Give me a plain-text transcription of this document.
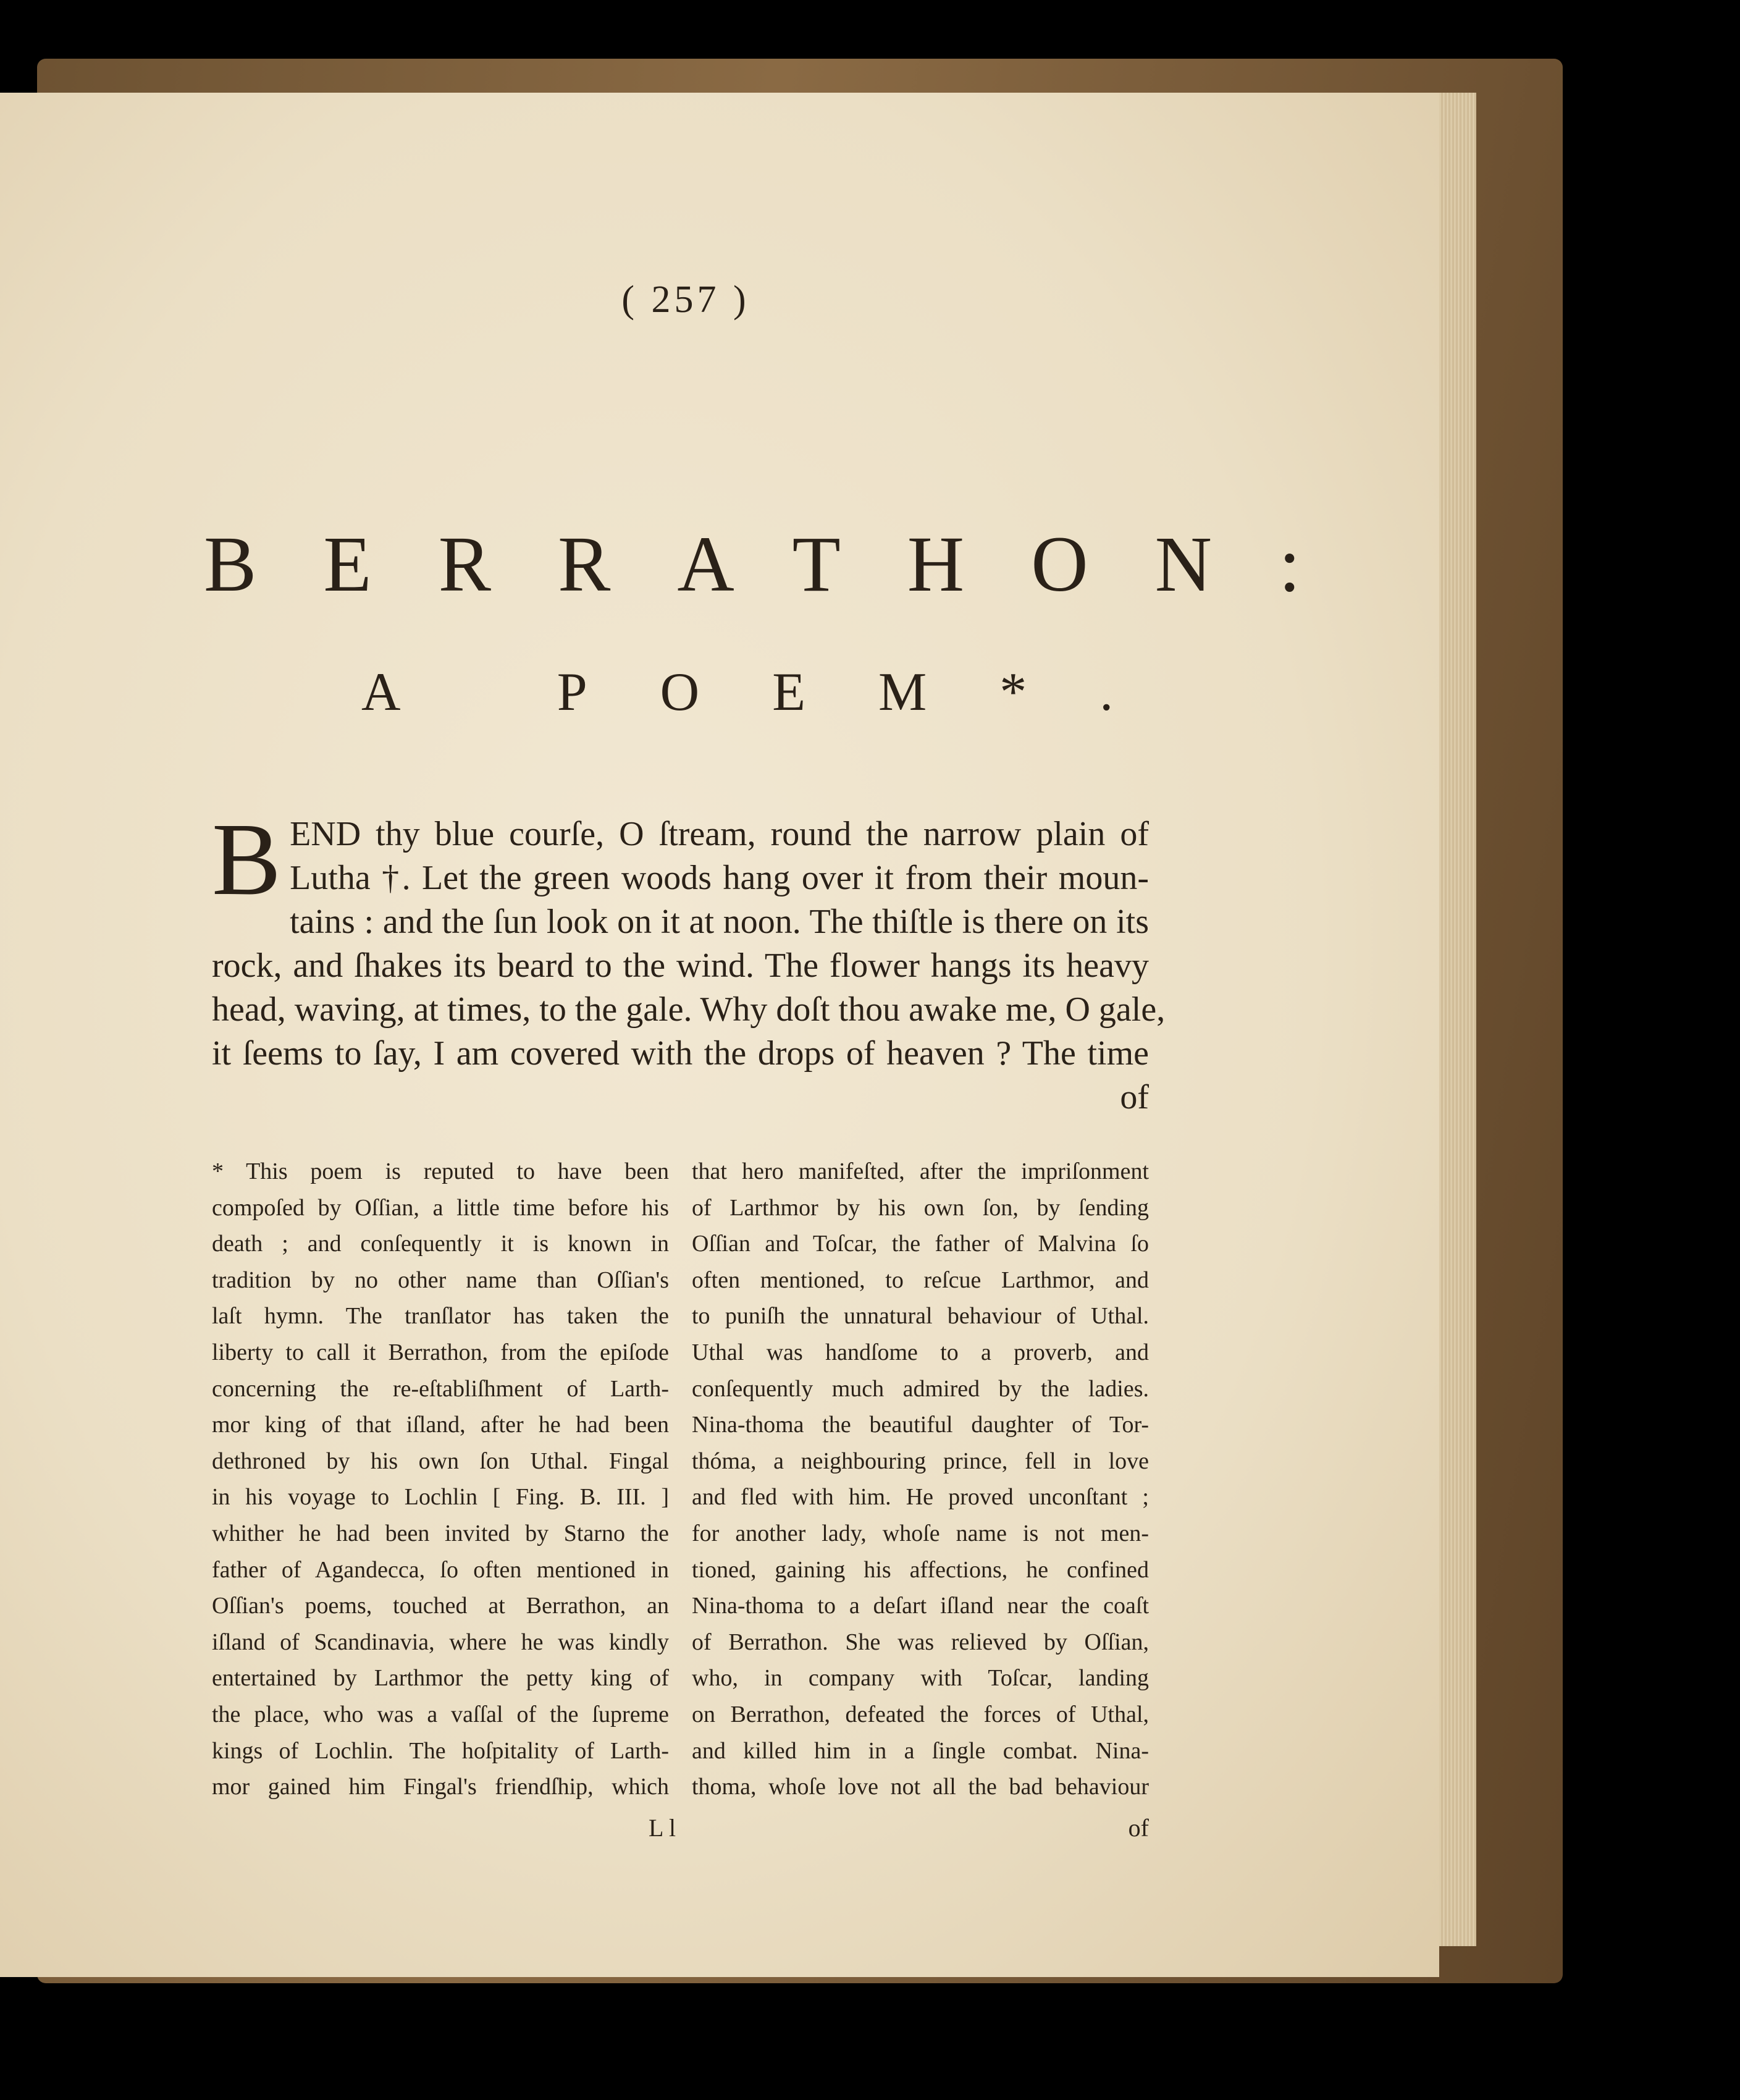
( 257 )
BERRATHON:
A POEM*.
B END thy blue courſe, O ſtream, round the narrow plain of
Lutha †. Let the green woods hang over it from their moun-
tains : and the ſun look on it at noon. The thiſtle is there on its
rock, and ſhakes its beard to the wind. The flower hangs its heavy
head, waving, at times, to the gale. Why doſt thou awake me, O gale,
it ſeems to ſay, I am covered with the drops of heaven ? The time
of
* This poem is reputed to have been
compoſed by Oſſian, a little time before his
death ; and conſequently it is known in
tradition by no other name than Oſſian's
laſt hymn. The tranſlator has taken the
liberty to call it Berrathon, from the epiſode
concerning the re-eſtabliſhment of Larth-
mor king of that iſland, after he had been
dethroned by his own ſon Uthal. Fingal
in his voyage to Lochlin [ Fing. B. III. ]
whither he had been invited by Starno the
father of Agandecca, ſo often mentioned in
Oſſian's poems, touched at Berrathon, an
iſland of Scandinavia, where he was kindly
entertained by Larthmor the petty king of
the place, who was a vaſſal of the ſupreme
kings of Lochlin. The hoſpitality of Larth-
mor gained him Fingal's friendſhip, which
that hero manifeſted, after the impriſonment
of Larthmor by his own ſon, by ſending
Oſſian and Toſcar, the father of Malvina ſo
often mentioned, to reſcue Larthmor, and
to puniſh the unnatural behaviour of Uthal.
Uthal was handſome to a proverb, and
conſequently much admired by the ladies.
Nina-thoma the beautiful daughter of Tor-
thóma, a neighbouring prince, fell in love
and fled with him. He proved unconſtant ;
for another lady, whoſe name is not men-
tioned, gaining his affections, he confined
Nina-thoma to a deſart iſland near the coaſt
of Berrathon. She was relieved by Oſſian,
who, in company with Toſcar, landing
on Berrathon, defeated the forces of Uthal,
and killed him in a ſingle combat. Nina-
thoma, whoſe love not all the bad behaviour
L l	of
